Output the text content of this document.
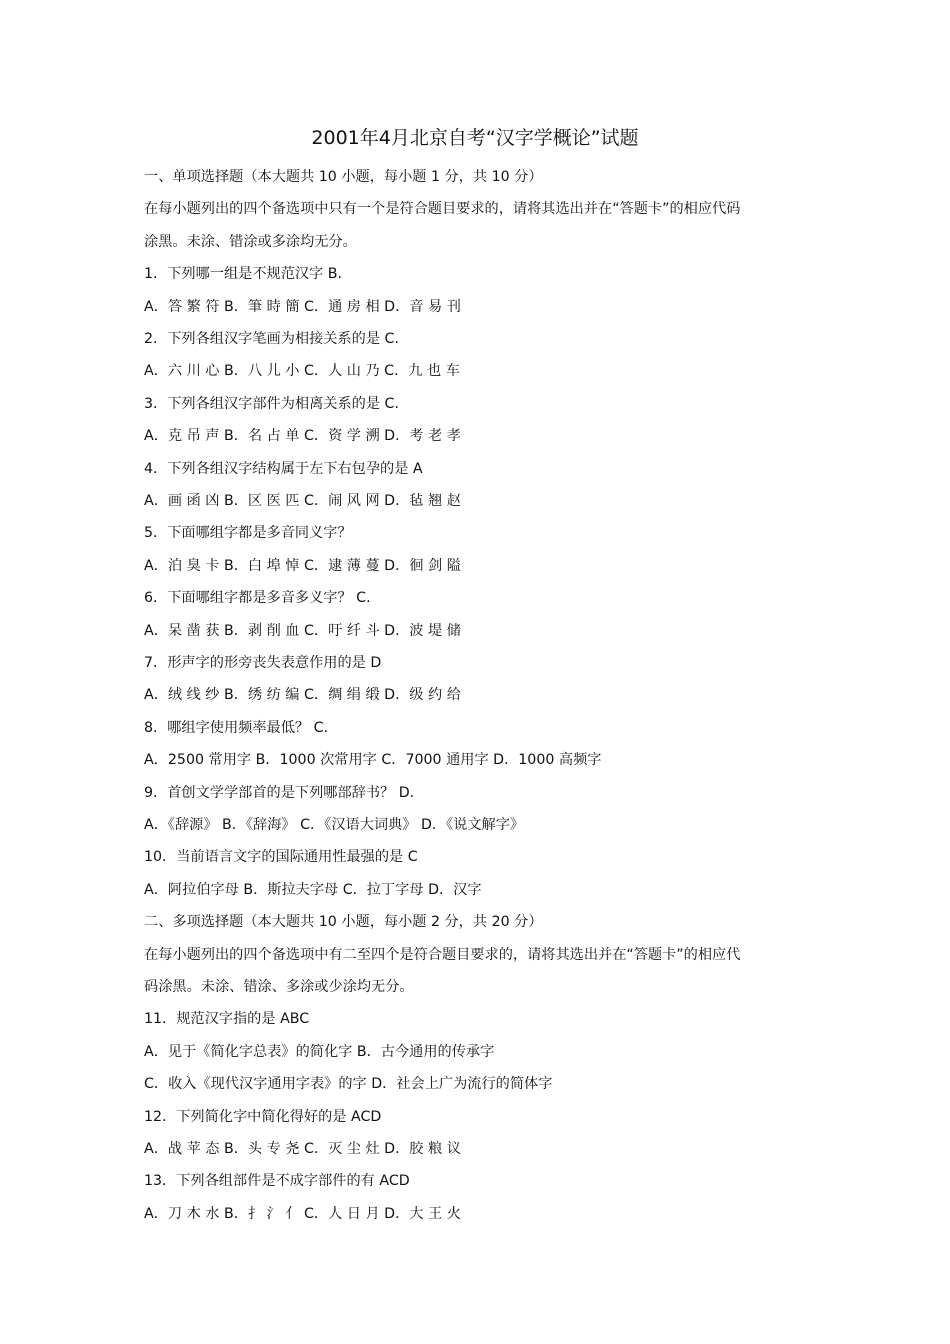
2001年4月北京自考“汉字学概论”试题
一、单项选择题（本大题共 10 小题，每小题 1 分，共 10 分）
在每小题列出的四个备选项中只有一个是符合题目要求的，请将其选出并在“答题卡”的相应代码
涂黑。未涂、错涂或多涂均无分。
1．下列哪一组是不规范汉字 B.
A．答 繁 符 B．筆 時 簡 C．通 房 相 D．音 易 刊
2．下列各组汉字笔画为相接关系的是 C.
A．六 川 心 B．八 儿 小 C．人 山 乃 C．九 也 车
3．下列各组汉字部件为相离关系的是 C.
A．克 吊 声 B．名 占 单 C．资 学 溯 D．考 老 孝
4．下列各组汉字结构属于左下右包孕的是 A
A．画 函 凶 B．区 医 匹 C．闹 风 网 D．毡 翘 赵
5．下面哪组字都是多音同义字？
A．泊 臭 卡 B．白 埠 悼 C．逮 薄 蔓 D．徊 剑 隘
6．下面哪组字都是多音多义字？ C.
A．呆 凿 获 B．剥 削 血 C．吁 纤 斗 D．波 堤 储
7．形声字的形旁丧失表意作用的是 D
A．绒 线 纱 B．绣 纺 编 C．绸 绢 缎 D．级 约 给
8．哪组字使用频率最低？ C.
A．2500 常用字 B．1000 次常用字 C．7000 通用字 D．1000 高频字
9．首创文学学部首的是下列哪部辞书？ D.
A．《辞源》 B．《辞海》 C．《汉语大词典》 D．《说文解字》
10．当前语言文字的国际通用性最强的是 C
A．阿拉伯字母 B．斯拉夫字母 C．拉丁字母 D．汉字
二、多项选择题（本大题共 10 小题，每小题 2 分，共 20 分）
在每小题列出的四个备选项中有二至四个是符合题目要求的，请将其选出并在“答题卡”的相应代
码涂黑。未涂、错涂、多涂或少涂均无分。
11．规范汉字指的是 ABC
A．见于《简化字总表》的简化字 B．古今通用的传承字
C．收入《现代汉字通用字表》的字 D．社会上广为流行的简体字
12．下列简化字中简化得好的是 ACD
A．战 苹 态 B．头 专 尧 C．灭 尘 灶 D．胶 粮 议
13．下列各组部件是不成字部件的有 ACD
A．刀 木 水 B．扌 氵 亻 C．人 日 月 D．大 王 火
